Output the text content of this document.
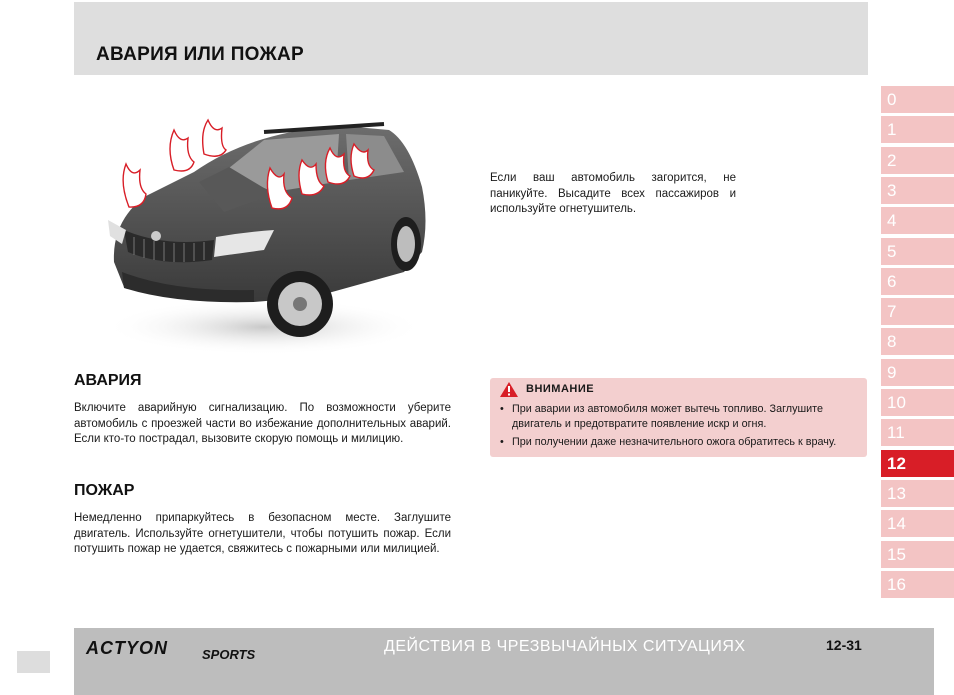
АВАРИЯ ИЛИ ПОЖАР
Если ваш автомобиль загорится, не паникуйте. Высадите всех пассажиров и используйте огнетушитель.
АВАРИЯ
Включите аварийную сигнализацию. По возможности уберите автомобиль с проезжей части во избежание дополнительных аварий. Если кто-то пострадал, вызовите скорую помощь и милицию.
ПОЖАР
Немедленно припаркуйтесь в безопасном месте. Заглушите двигатель. Используйте огнетушители, чтобы потушить пожар. Если потушить пожар не удается, свяжитесь с пожарными или милицией.
ВНИМАНИЕ
• При аварии из автомобиля может вытечь топливо. Заглушите двигатель и предотвратите появление искр и огня.
• При получении даже незначительного ожога обратитесь к врачу.
0
1
2
3
4
5
6
7
8
9
10
11
12
13
14
15
16
ACTYON	SPORTS	ДЕЙСТВИЯ В ЧРЕЗВЫЧАЙНЫХ СИТУАЦИЯХ	12-31
